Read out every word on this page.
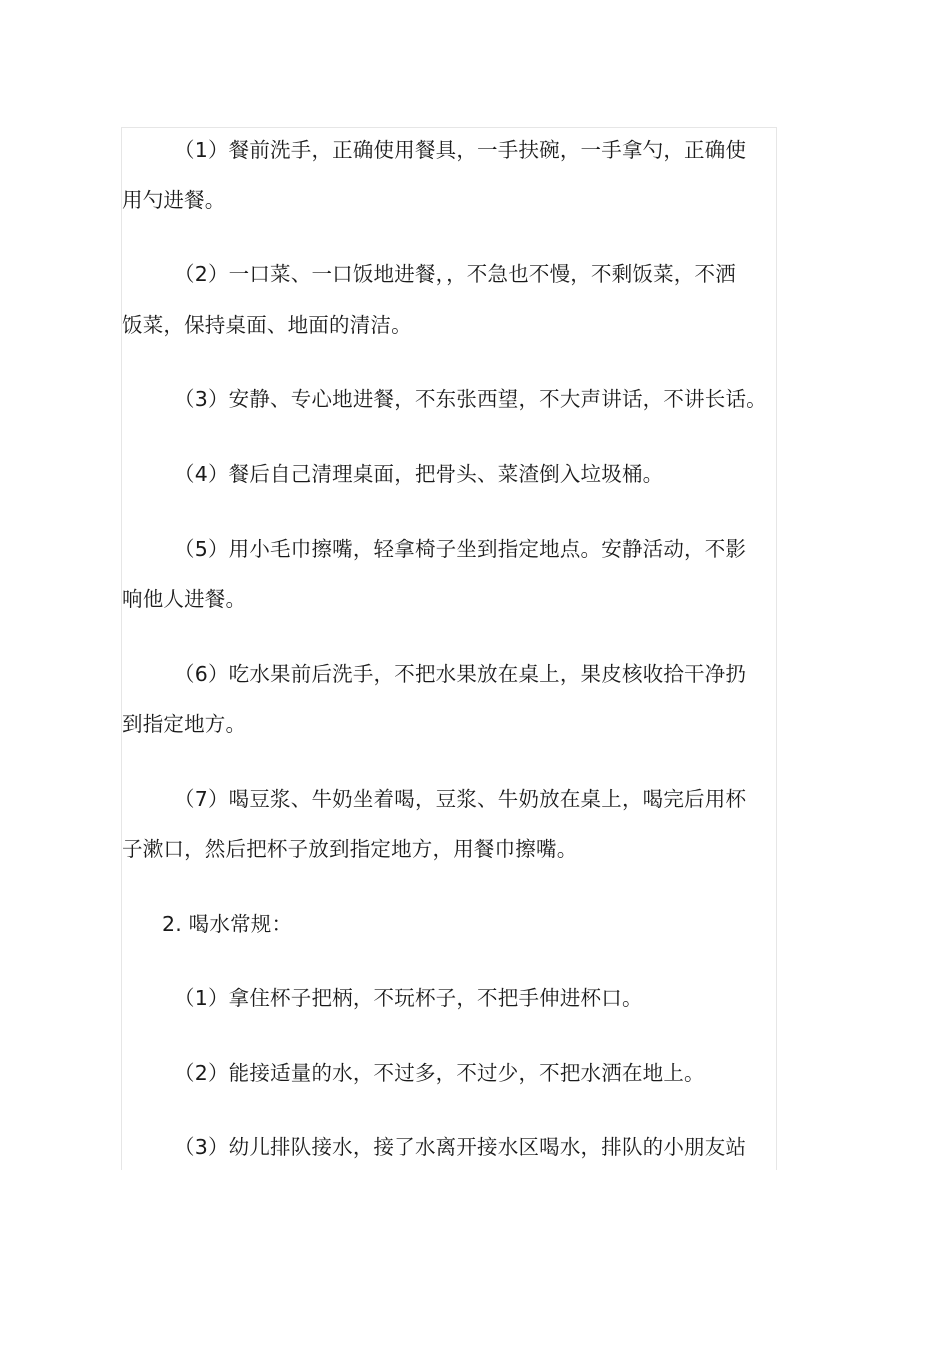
（1）餐前洗手，正确使用餐具，一手扶碗，一手拿勺，正确使
用勺进餐。
（2）一口菜、一口饭地进餐，，不急也不慢，不剩饭菜，不洒
饭菜，保持桌面、地面的清洁。
（3）安静、专心地进餐，不东张西望，不大声讲话，不讲长话。
（4）餐后自己清理桌面，把骨头、菜渣倒入垃圾桶。
（5）用小毛巾擦嘴，轻拿椅子坐到指定地点。安静活动，不影
响他人进餐。
（6）吃水果前后洗手，不把水果放在桌上，果皮核收拾干净扔
到指定地方。
（7）喝豆浆、牛奶坐着喝，豆浆、牛奶放在桌上，喝完后用杯
子漱口，然后把杯子放到指定地方，用餐巾擦嘴。
2. 喝水常规：
（1）拿住杯子把柄，不玩杯子，不把手伸进杯口。
（2）能接适量的水，不过多，不过少，不把水洒在地上。
（3）幼儿排队接水，接了水离开接水区喝水，排队的小朋友站
